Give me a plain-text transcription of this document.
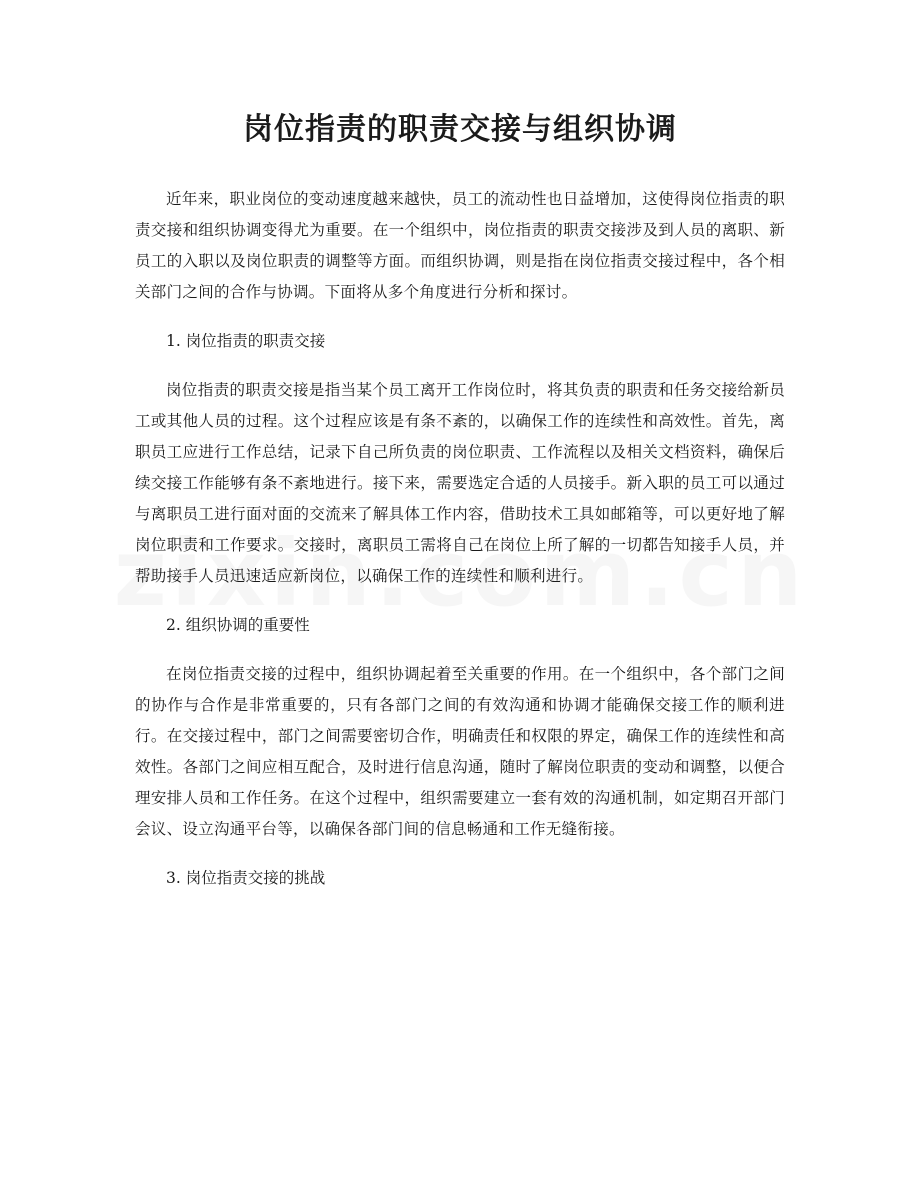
岗位指责的职责交接与组织协调

近年来，职业岗位的变动速度越来越快，员工的流动性也日益增加，这使得岗位指责的职责交接和组织协调变得尤为重要。在一个组织中，岗位指责的职责交接涉及到人员的离职、新员工的入职以及岗位职责的调整等方面。而组织协调，则是指在岗位指责交接过程中，各个相关部门之间的合作与协调。下面将从多个角度进行分析和探讨。

1. 岗位指责的职责交接

岗位指责的职责交接是指当某个员工离开工作岗位时，将其负责的职责和任务交接给新员工或其他人员的过程。这个过程应该是有条不紊的，以确保工作的连续性和高效性。首先，离职员工应进行工作总结，记录下自己所负责的岗位职责、工作流程以及相关文档资料，确保后续交接工作能够有条不紊地进行。接下来，需要选定合适的人员接手。新入职的员工可以通过与离职员工进行面对面的交流来了解具体工作内容，借助技术工具如邮箱等，可以更好地了解岗位职责和工作要求。交接时，离职员工需将自己在岗位上所了解的一切都告知接手人员，并帮助接手人员迅速适应新岗位，以确保工作的连续性和顺利进行。

2. 组织协调的重要性

在岗位指责交接的过程中，组织协调起着至关重要的作用。在一个组织中，各个部门之间的协作与合作是非常重要的，只有各部门之间的有效沟通和协调才能确保交接工作的顺利进行。在交接过程中，部门之间需要密切合作，明确责任和权限的界定，确保工作的连续性和高效性。各部门之间应相互配合，及时进行信息沟通，随时了解岗位职责的变动和调整，以便合理安排人员和工作任务。在这个过程中，组织需要建立一套有效的沟通机制，如定期召开部门会议、设立沟通平台等，以确保各部门间的信息畅通和工作无缝衔接。

3. 岗位指责交接的挑战
